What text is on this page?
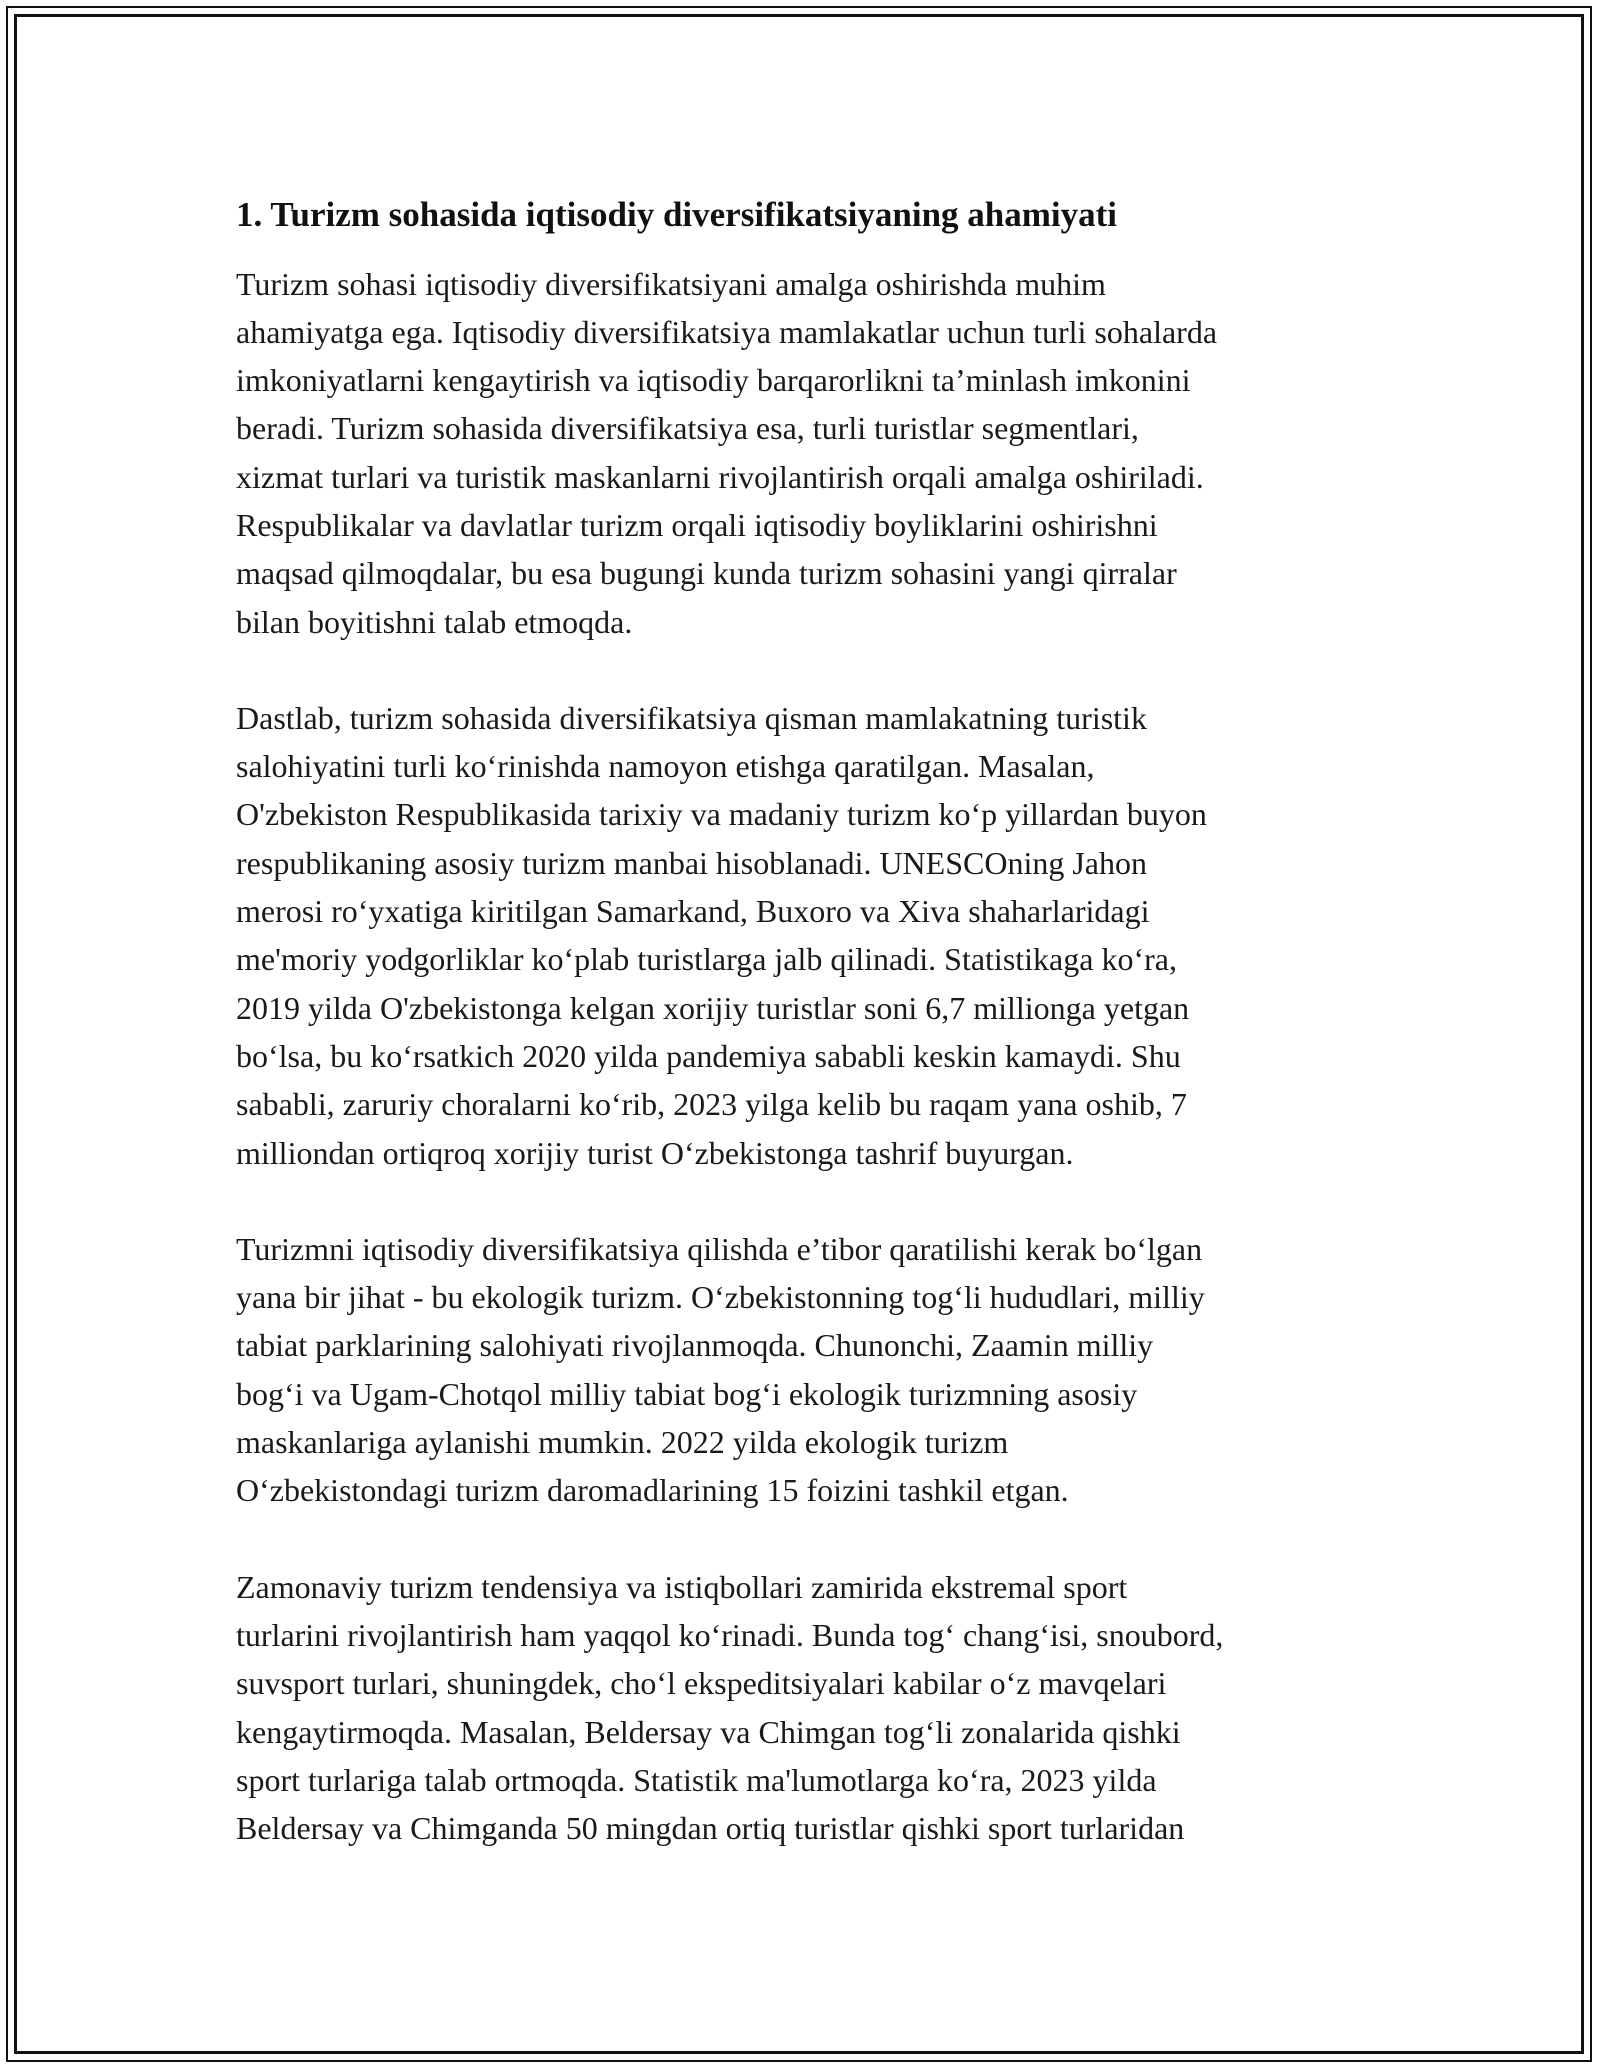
1. Turizm sohasida iqtisodiy diversifikatsiyaning ahamiyati

Turizm sohasi iqtisodiy diversifikatsiyani amalga oshirishda muhim
ahamiyatga ega. Iqtisodiy diversifikatsiya mamlakatlar uchun turli sohalarda
imkoniyatlarni kengaytirish va iqtisodiy barqarorlikni ta’minlash imkonini
beradi. Turizm sohasida diversifikatsiya esa, turli turistlar segmentlari,
xizmat turlari va turistik maskanlarni rivojlantirish orqali amalga oshiriladi.
Respublikalar va davlatlar turizm orqali iqtisodiy boyliklarini oshirishni
maqsad qilmoqdalar, bu esa bugungi kunda turizm sohasini yangi qirralar
bilan boyitishni talab etmoqda.

Dastlab, turizm sohasida diversifikatsiya qisman mamlakatning turistik
salohiyatini turli ko‘rinishda namoyon etishga qaratilgan. Masalan,
O'zbekiston Respublikasida tarixiy va madaniy turizm ko‘p yillardan buyon
respublikaning asosiy turizm manbai hisoblanadi. UNESCOning Jahon
merosi ro‘yxatiga kiritilgan Samarkand, Buxoro va Xiva shaharlaridagi
me'moriy yodgorliklar ko‘plab turistlarga jalb qilinadi. Statistikaga ko‘ra,
2019 yilda O'zbekistonga kelgan xorijiy turistlar soni 6,7 millionga yetgan
bo‘lsa, bu ko‘rsatkich 2020 yilda pandemiya sababli keskin kamaydi. Shu
sababli, zaruriy choralarni ko‘rib, 2023 yilga kelib bu raqam yana oshib, 7
milliondan ortiqroq xorijiy turist O‘zbekistonga tashrif buyurgan.

Turizmni iqtisodiy diversifikatsiya qilishda e’tibor qaratilishi kerak bo‘lgan
yana bir jihat - bu ekologik turizm. O‘zbekistonning tog‘li hududlari, milliy
tabiat parklarining salohiyati rivojlanmoqda. Chunonchi, Zaamin milliy
bog‘i va Ugam-Chotqol milliy tabiat bog‘i ekologik turizmning asosiy
maskanlariga aylanishi mumkin. 2022 yilda ekologik turizm
O‘zbekistondagi turizm daromadlarining 15 foizini tashkil etgan.

Zamonaviy turizm tendensiya va istiqbollari zamirida ekstremal sport
turlarini rivojlantirish ham yaqqol ko‘rinadi. Bunda tog‘ chang‘isi, snoubord,
suvsport turlari, shuningdek, cho‘l ekspeditsiyalari kabilar o‘z mavqelari
kengaytirmoqda. Masalan, Beldersay va Chimgan tog‘li zonalarida qishki
sport turlariga talab ortmoqda. Statistik ma'lumotlarga ko‘ra, 2023 yilda
Beldersay va Chimganda 50 mingdan ortiq turistlar qishki sport turlaridan
